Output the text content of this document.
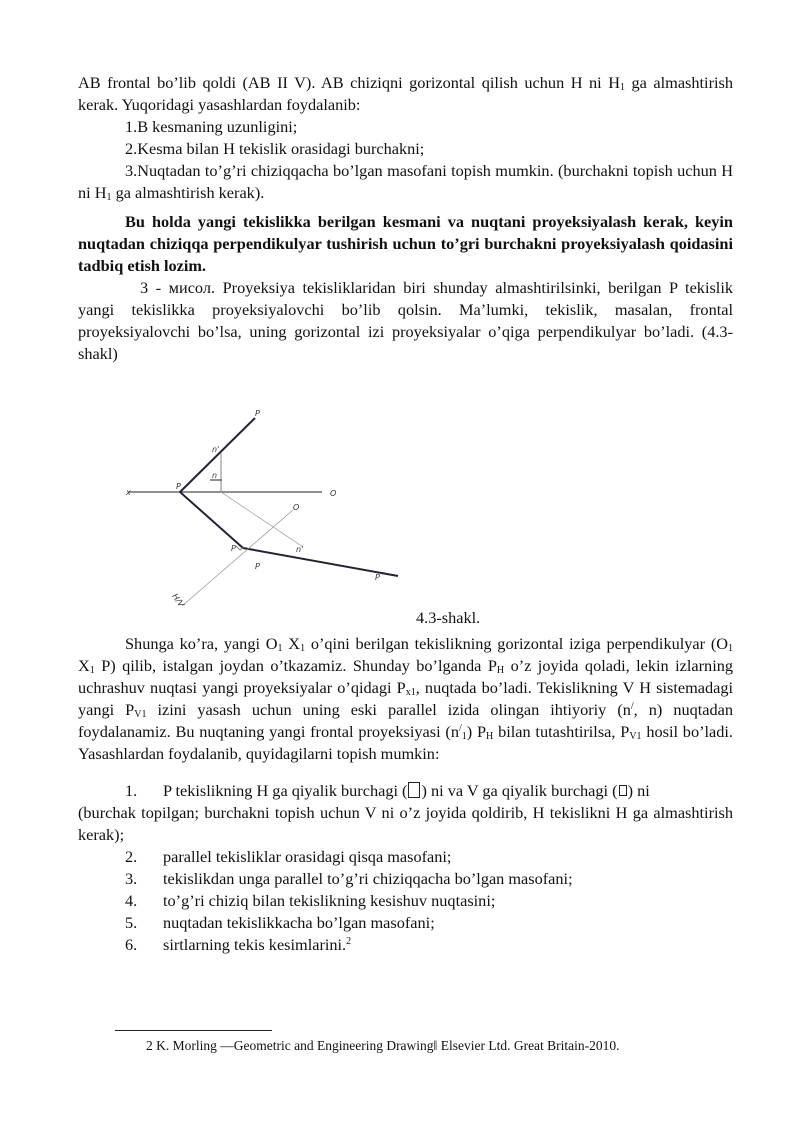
AB frontal bo’lib qoldi (AB II V). AB chiziqni gorizontal qilish uchun H ni $H_1$ ga almashtirish kerak. Yuqoridagi yasashlardan foydalanib:

1.B kesmaning uzunligini;

2.Kesma bilan H tekislik orasidagi burchakni;

3.Nuqtadan to’g’ri chiziqqacha bo’lgan masofani topish mumkin. (burchakni topish uchun H ni $H_1$ ga almashtirish kerak).

Bu holda yangi tekislikka berilgan kesmani va nuqtani proyeksiyalash kerak, keyin nuqtadan chiziqqa perpendikulyar tushirish uchun to’gri burchakni proyeksiyalash qoidasini tadbiq etish lozim.

3 - мисол. Proyeksiya tekisliklaridan biri shunday almashtirilsinki, berilgan P tekislik yangi tekislikka proyeksiyalovchi bo’lib qolsin. Ma’lumki, tekislik, masalan, frontal proyeksiyalovchi bo’lsa, uning gorizontal izi proyeksiyalar o’qiga perpendikulyar bo’ladi. (4.3-shakl)

P
n'
n
x
P
O
O
P	n'
P
P
H/V
4.3-shakl.

Shunga ko’ra, yangi $O_1$ $X_1$ o’qini berilgan tekislikning gorizontal iziga perpendikulyar ($O_1$ $X_1$ P) qilib, istalgan joydan o’tkazamiz. Shunday bo’lganda $P_H$ o’z joyida qoladi, lekin izlarning uchrashuv nuqtasi yangi proyeksiyalar o’qidagi $P_{x1}$, nuqtada bo’ladi. Tekislikning V H sistemadagi yangi $P_{V1}$ izini yasash uchun uning eski parallel izida olingan ihtiyoriy (n/, n) nuqtadan foydalanamiz. Bu nuqtaning yangi frontal proyeksiyasi $(n^/_1)$ $P_H$ bilan tutashtirilsa, $P_{V1}$ hosil bo’ladi. Yasashlardan foydalanib, quyidagilarni topish mumkin:

1.	P tekislikning H ga qiyalik burchagi ( ) ni va V ga qiyalik burchagi ( ) ni

(burchak topilgan; burchakni topish uchun V ni o’z joyida qoldirib, H tekislikni H ga almashtirish kerak);

2.	parallel tekisliklar orasidagi qisqa masofani;
3.	tekislikdan unga parallel to’g’ri chiziqqacha bo’lgan masofani;
4.	to’g’ri chiziq bilan tekislikning kesishuv nuqtasini;
5.	nuqtadan tekislikkacha bo’lgan masofani;
6.	sirtlarning tekis kesimlarini.$^2$
2 K. Morling ―Geometric and Engineering Drawing‖ Elsevier Ltd. Great Britain-2010.
